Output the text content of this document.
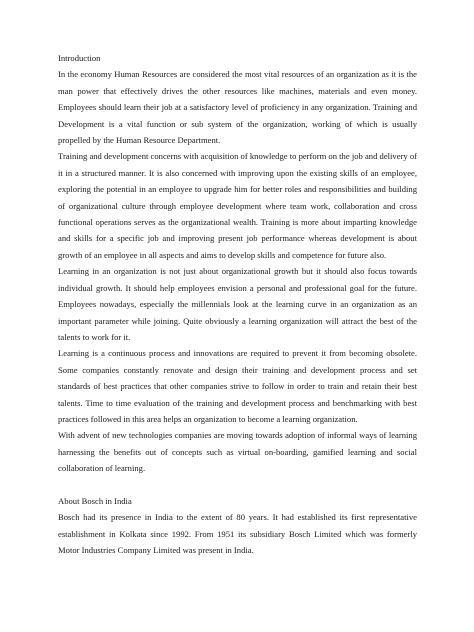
Introduction

In the economy Human Resources are considered the most vital resources of an organization as it is the man power that effectively drives the other resources like machines, materials and even money. Employees should learn their job at a satisfactory level of proficiency in any organization. Training and Development is a vital function or sub system of the organization, working of which is usually propelled by the Human Resource Department.

Training and development concerns with acquisition of knowledge to perform on the job and delivery of it in a structured manner. It is also concerned with improving upon the existing skills of an employee, exploring the potential in an employee to upgrade him for better roles and responsibilities and building of organizational culture through employee development where team work, collaboration and cross functional operations serves as the organizational wealth. Training is more about imparting knowledge and skills for a specific job and improving present job performance whereas development is about growth of an employee in all aspects and aims to develop skills and competence for future also.

Learning in an organization is not just about organizational growth but it should also focus towards individual growth. It should help employees envision a personal and professional goal for the future. Employees nowadays, especially the millennials look at the learning curve in an organization as an important parameter while joining. Quite obviously a learning organization will attract the best of the talents to work for it.

Learning is a continuous process and innovations are required to prevent it from becoming obsolete. Some companies constantly renovate and design their training and development process and set standards of best practices that other companies strive to follow in order to train and retain their best talents. Time to time evaluation of the training and development process and benchmarking with best practices followed in this area helps an organization to become a learning organization.

With advent of new technologies companies are moving towards adoption of informal ways of learning harnessing the benefits out of concepts such as virtual on-boarding, gamified learning and social collaboration of learning.

About Bosch in India

Bosch had its presence in India to the extent of 80 years. It had established its first representative establishment in Kolkata since 1992. From 1951 its subsidiary Bosch Limited which was formerly Motor Industries Company Limited was present in India.
